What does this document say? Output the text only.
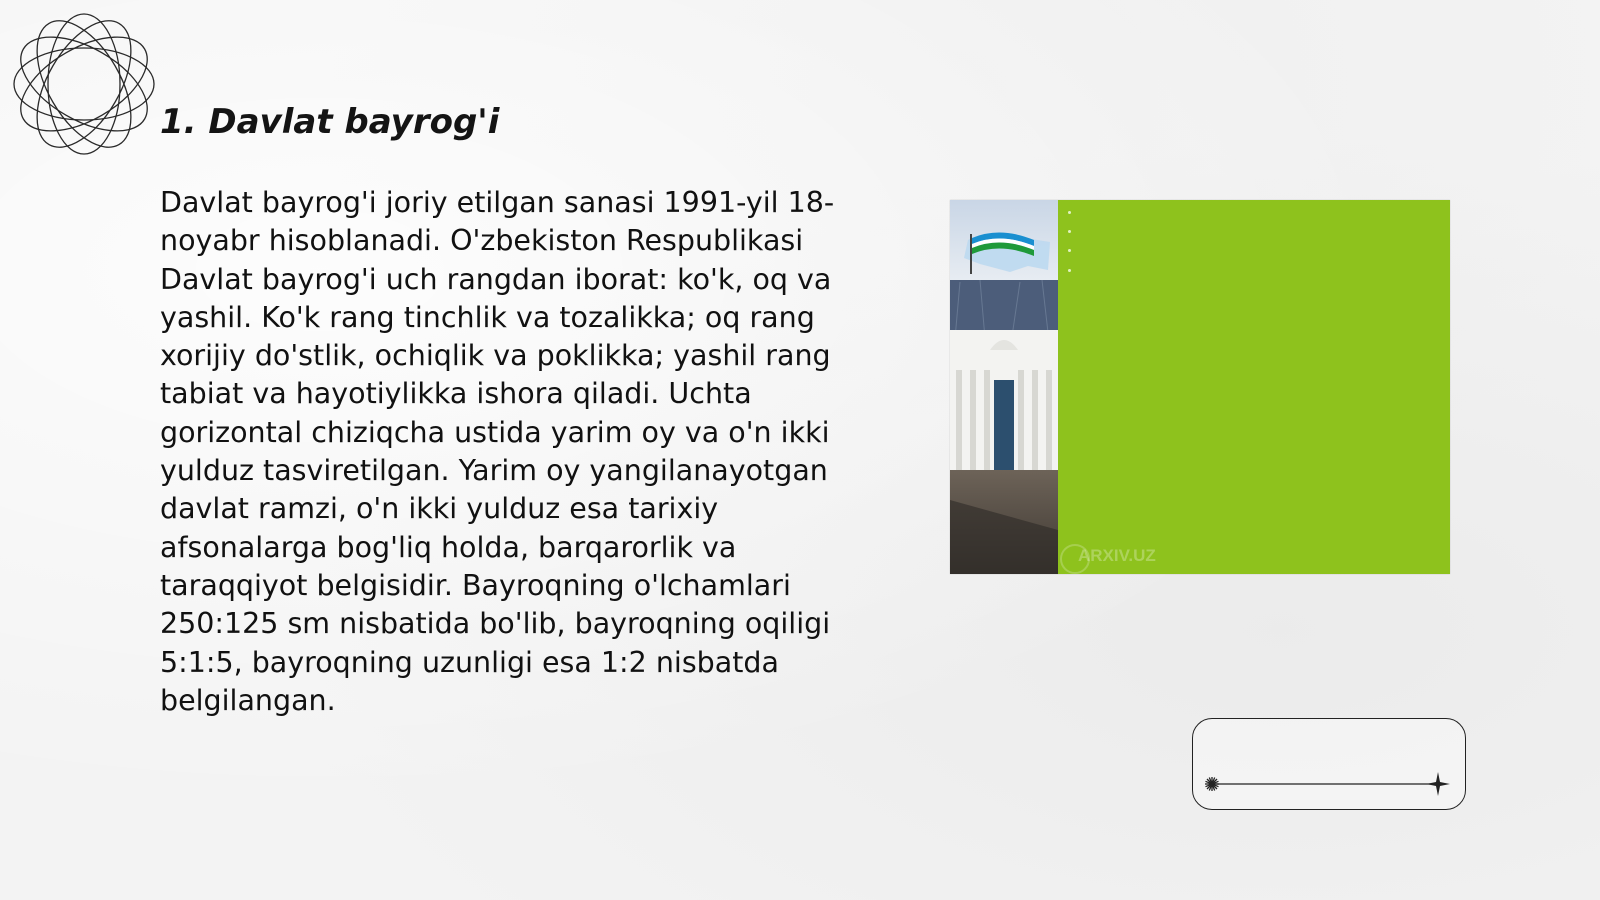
1. Davlat bayrog'i

Davlat bayrog'i joriy etilgan sanasi 1991-yil 18-noyabr hisoblanadi. O'zbekiston Respublikasi Davlat bayrog'i uch rangdan iborat: ko'k, oq va yashil. Ko'k rang tinchlik va tozalikka; oq rang xorijiy do'stlik, ochiqlik va poklikka; yashil rang tabiat va hayotiylikka ishora qiladi. Uchta gorizontal chiziqcha ustida yarim oy va o'n ikki yulduz tasviretilgan. Yarim oy yangilanayotgan davlat ramzi, o'n ikki yulduz esa tarixiy afsonalarga bog'liq holda, barqarorlik va taraqqiyot belgisidir. Bayroqning o'lchamlari 250:125 sm nisbatida bo'lib, bayroqning oqiligi 5:1:5, bayroqning uzunligi esa 1:2 nisbatda belgilangan.

•
•
•
•
ARXIV.UZ
